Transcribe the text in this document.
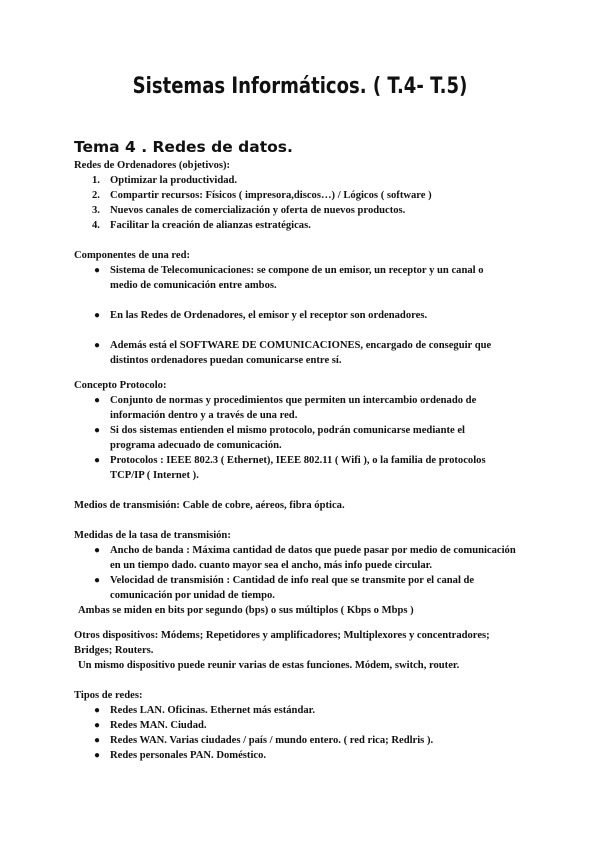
Sistemas Informáticos. ( T.4- T.5)
Tema 4 . Redes de datos.
Redes de Ordenadores (objetivos):
1. Optimizar la productividad.
2. Compartir recursos: Físicos ( impresora,discos…) / Lógicos ( software )
3. Nuevos canales de comercialización y oferta de nuevos productos.
4. Facilitar la creación de alianzas estratégicas.
Componentes de una red:
● Sistema de Telecomunicaciones: se compone de un emisor, un receptor y un canal o medio de comunicación entre ambos.
● En las Redes de Ordenadores, el emisor y el receptor son ordenadores.
● Además está el SOFTWARE DE COMUNICACIONES, encargado de conseguir que distintos ordenadores puedan comunicarse entre sí.
Concepto Protocolo:
● Conjunto de normas y procedimientos que permiten un intercambio ordenado de información dentro y a través de una red.
● Si dos sistemas entienden el mismo protocolo, podrán comunicarse mediante el programa adecuado de comunicación.
● Protocolos : IEEE 802.3 ( Ethernet), IEEE 802.11 ( Wifi ), o la familia de protocolos TCP/IP ( Internet ).
Medios de transmisión: Cable de cobre, aéreos, fibra óptica.
Medidas de la tasa de transmisión:
● Ancho de banda : Máxima cantidad de datos que puede pasar por medio de comunicación en un tiempo dado. cuanto mayor sea el ancho, más info puede circular.
● Velocidad de transmisión : Cantidad de info real que se transmite por el canal de comunicación por unidad de tiempo.
Ambas se miden en bits por segundo (bps) o sus múltiplos ( Kbps o Mbps )
Otros dispositivos: Módems; Repetidores y amplificadores; Multiplexores y concentradores; Bridges; Routers.
Un mismo dispositivo puede reunir varias de estas funciones. Módem, switch, router.
Tipos de redes:
● Redes LAN. Oficinas. Ethernet más estándar.
● Redes MAN. Ciudad.
● Redes WAN. Varias ciudades / país / mundo entero. ( red rica; Redlris ).
● Redes personales PAN. Doméstico.
